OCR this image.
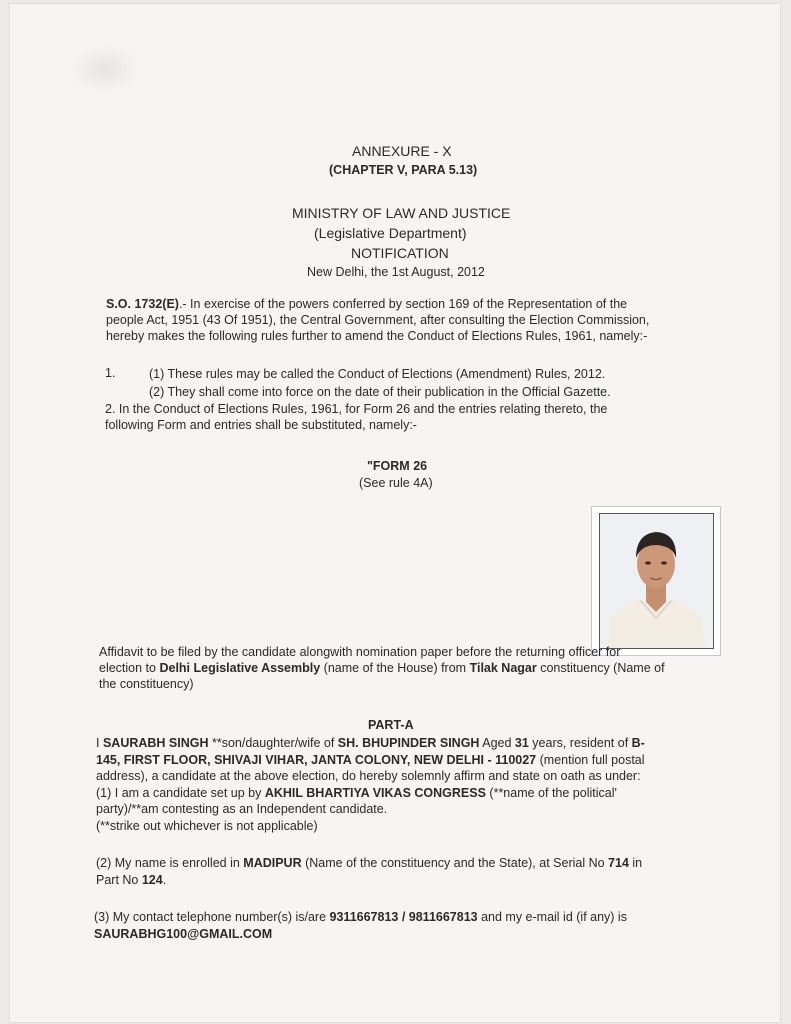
ANNEXURE - X
(CHAPTER V, PARA 5.13)
MINISTRY OF LAW AND JUSTICE
(Legislative Department)
NOTIFICATION
New Delhi, the 1st August, 2012
S.O. 1732(E).- In exercise of the powers conferred by section 169 of the Representation of the
people Act, 1951 (43 Of 1951), the Central Government, after consulting the Election Commission,
hereby makes the following rules further to amend the Conduct of Elections Rules, 1961, namely:-
1.	(1) These rules may be called the Conduct of Elections (Amendment) Rules, 2012.
(2) They shall come into force on the date of their publication in the Official Gazette.
2. In the Conduct of Elections Rules, 1961, for Form 26 and the entries relating thereto, the
following Form and entries shall be substituted, namely:-
"FORM 26
(See rule 4A)
Affidavit to be filed by the candidate alongwith nomination paper before the returning officer for
election to Delhi Legislative Assembly (name of the House) from Tilak Nagar constituency (Name of
the constituency)
PART-A
I SAURABH SINGH **son/daughter/wife of SH. BHUPINDER SINGH Aged 31 years, resident of B-
145, FIRST FLOOR, SHIVAJI VIHAR, JANTA COLONY, NEW DELHI - 110027 (mention full postal
address), a candidate at the above election, do hereby solemnly affirm and state on oath as under:
(1) I am a candidate set up by AKHIL BHARTIYA VIKAS CONGRESS (**name of the political'
party)/**am contesting as an Independent candidate.
(**strike out whichever is not applicable)
(2) My name is enrolled in MADIPUR (Name of the constituency and the State), at Serial No 714 in
Part No 124.
(3) My contact telephone number(s) is/are 9311667813 / 9811667813 and my e-mail id (if any) is
SAURABHG100@GMAIL.COM
